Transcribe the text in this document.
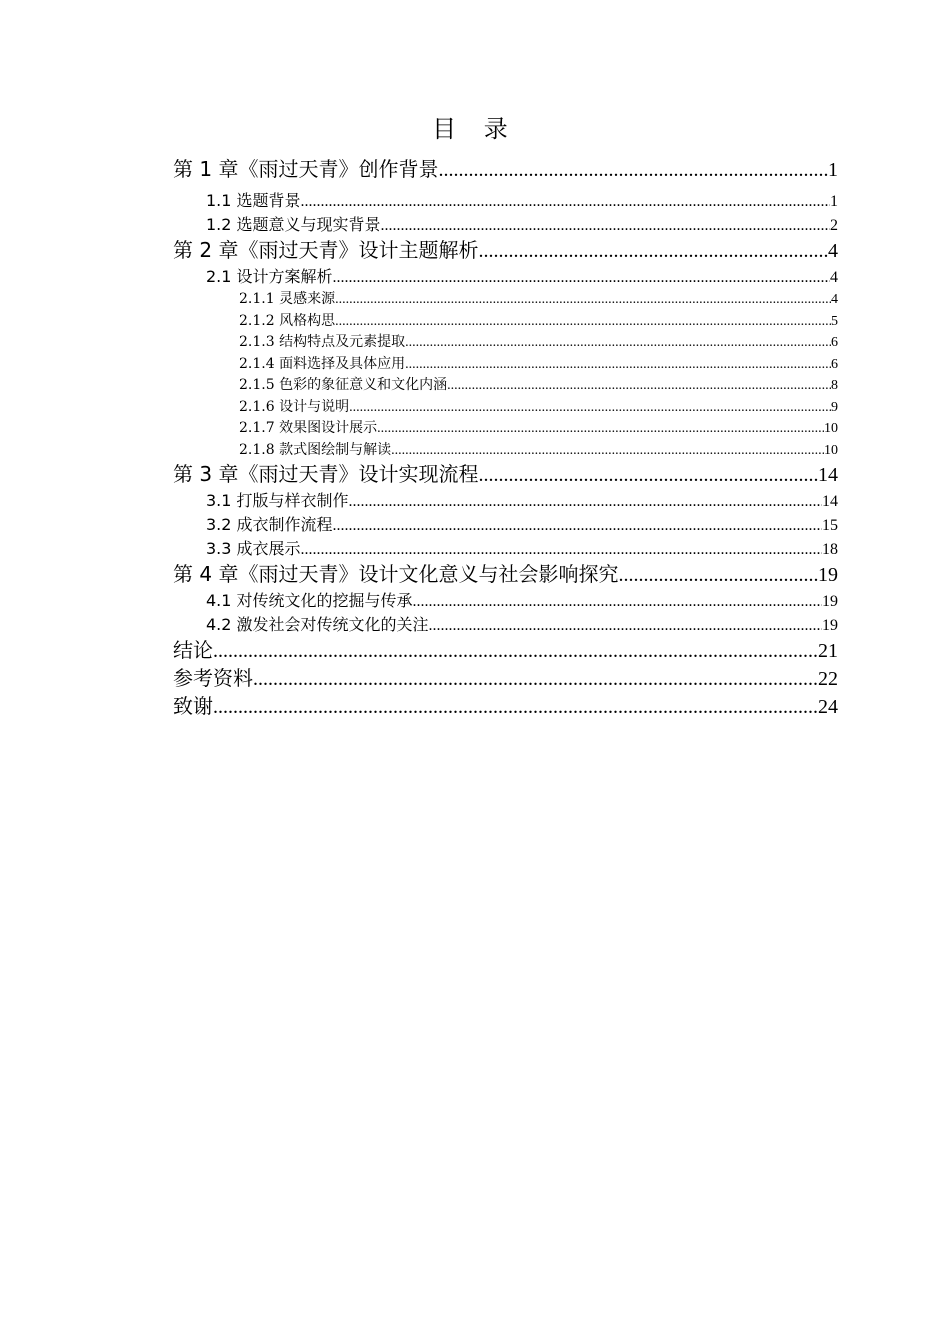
目 录
第 1 章《雨过天青》创作背景 .....	1
1.1 选题背景 .....	1
1.2 选题意义与现实背景 .....	2
第 2 章《雨过天青》设计主题解析 .....	4
2.1 设计方案解析 .....	4
2.1.1 灵感来源 .....	4
2.1.2 风格构思 .....	5
2.1.3 结构特点及元素提取 .....	6
2.1.4 面料选择及具体应用 .....	6
2.1.5 色彩的象征意义和文化内涵 .....	8
2.1.6 设计与说明 .....	9
2.1.7 效果图设计展示 .....	10
2.1.8 款式图绘制与解读 .....	10
第 3 章《雨过天青》设计实现流程 .....	14
3.1 打版与样衣制作 .....	14
3.2 成衣制作流程 .....	15
3.3 成衣展示 .....	18
第 4 章《雨过天青》设计文化意义与社会影响探究 .....	19
4.1 对传统文化的挖掘与传承 .....	19
4.2 激发社会对传统文化的关注 .....	19
结论 .....	21
参考资料 .....	22
致谢 .....	24
